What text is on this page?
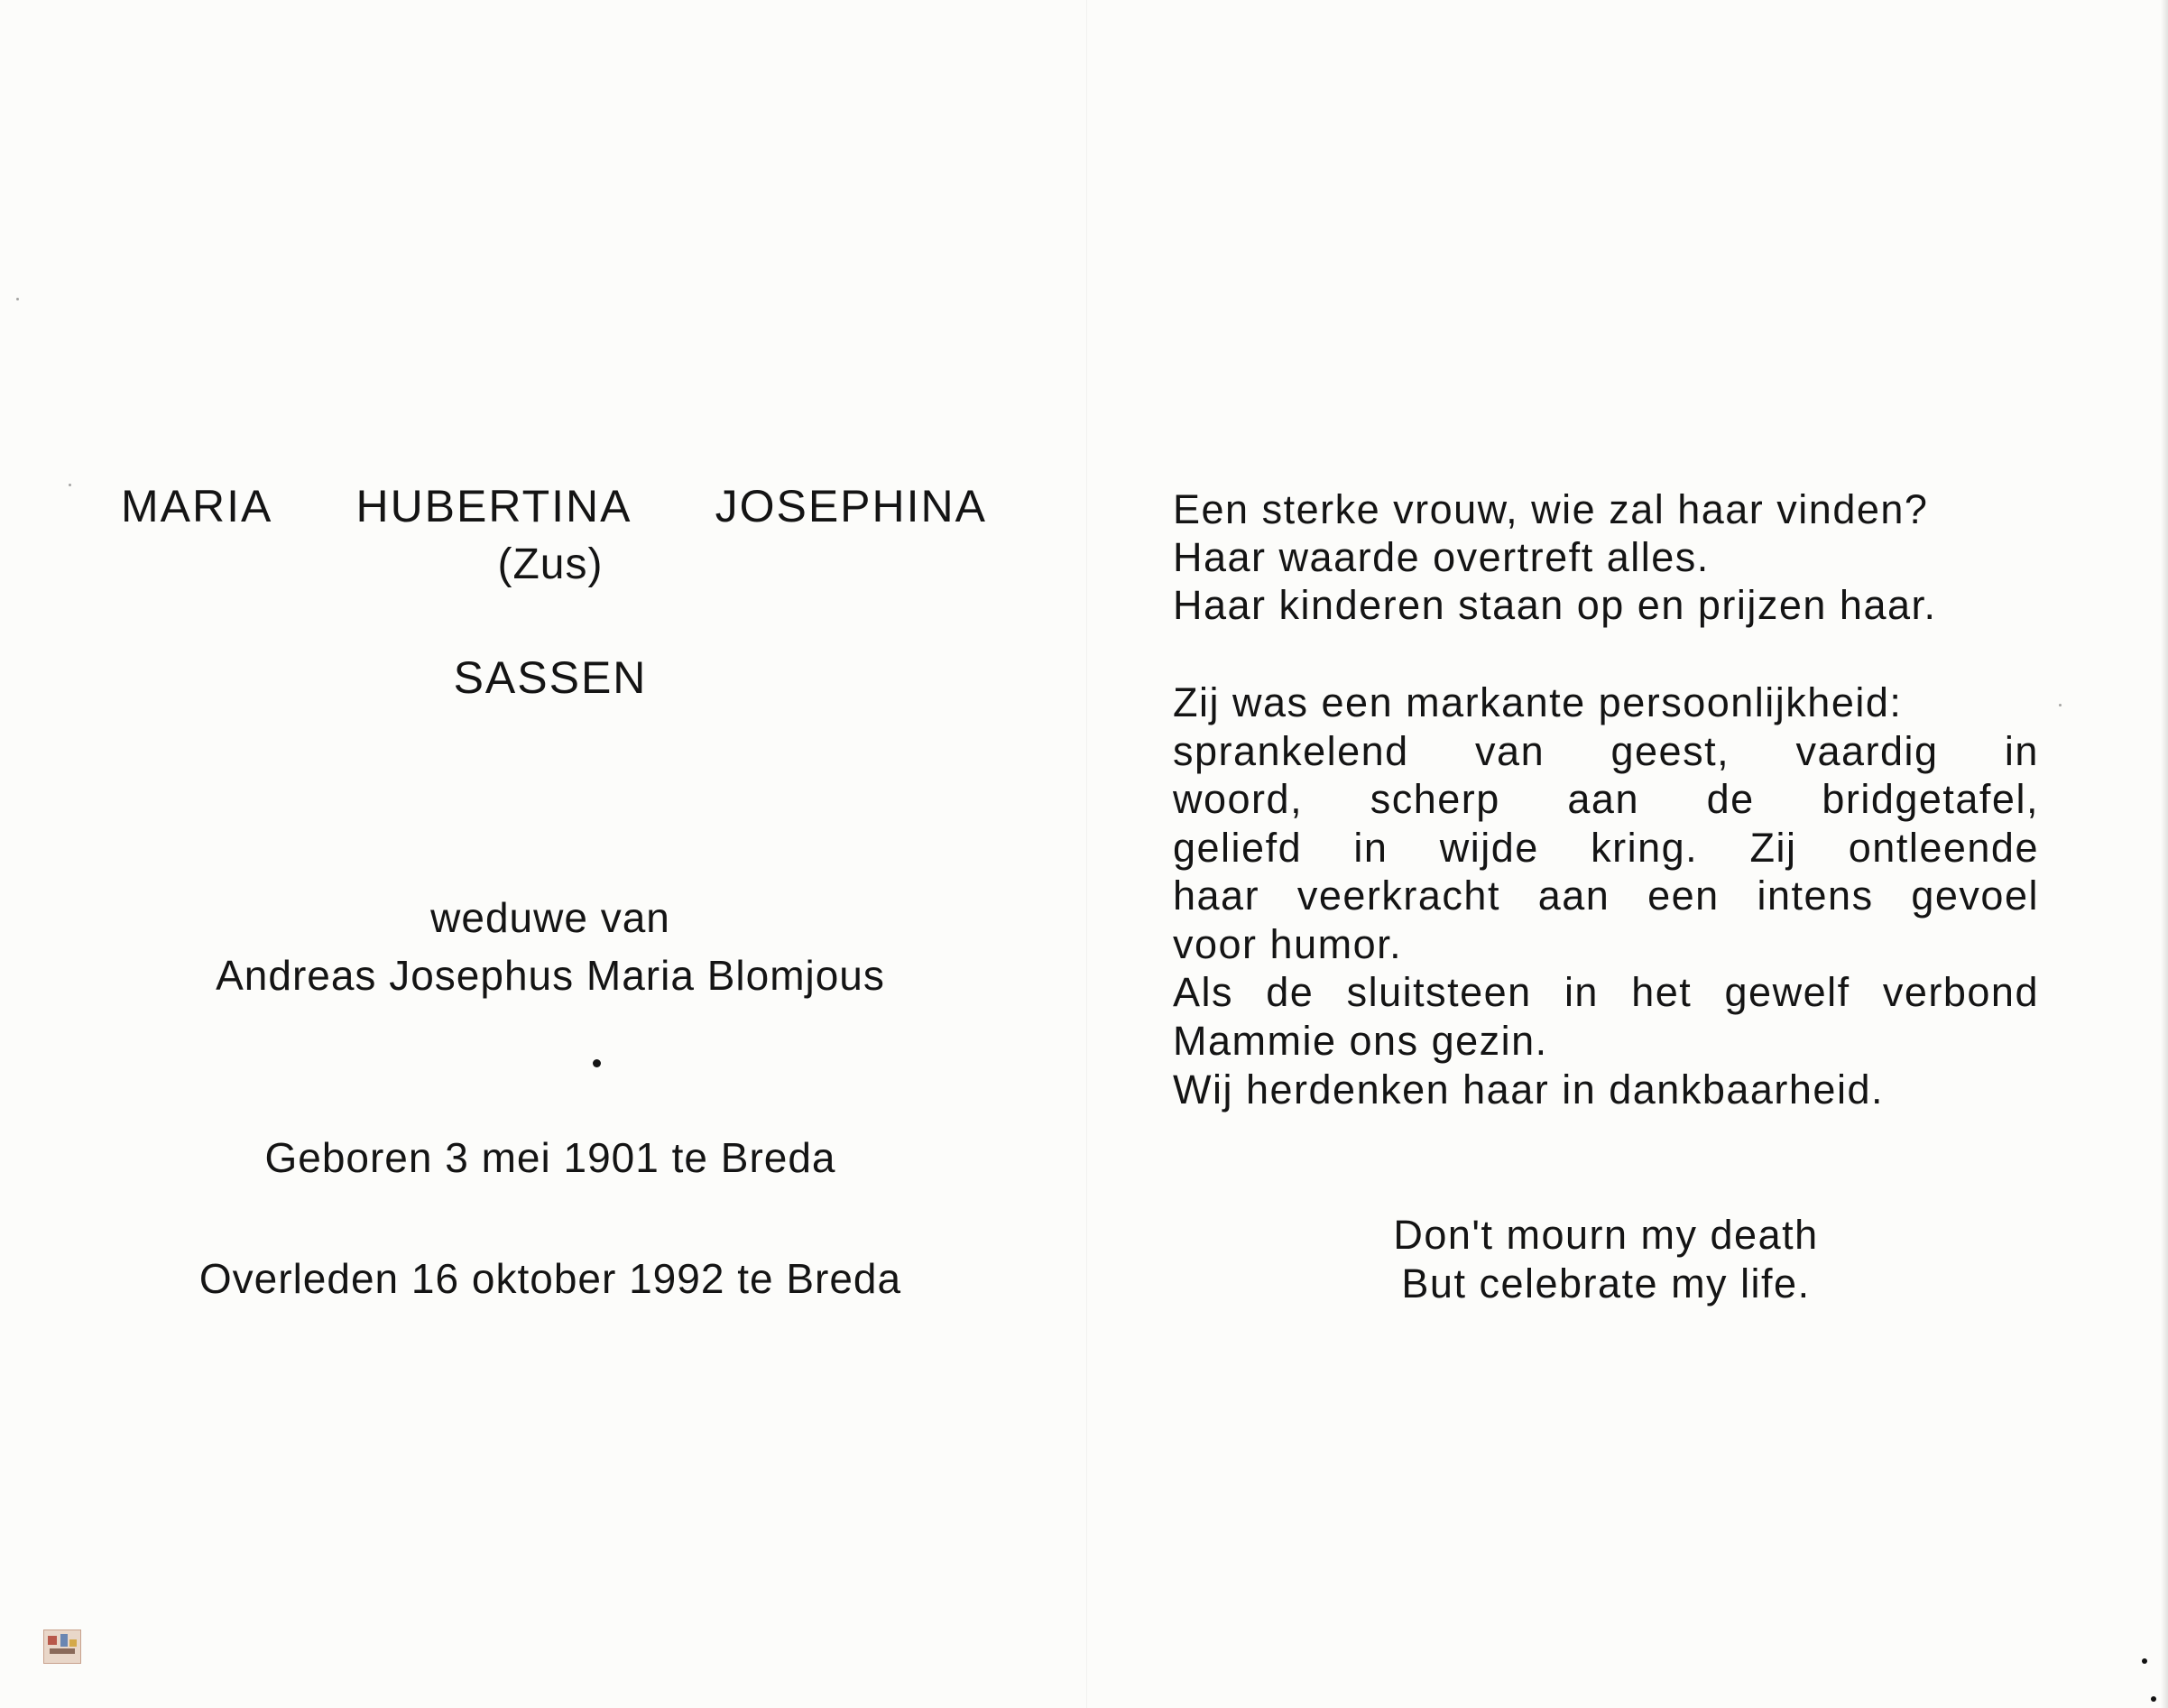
MARIA HUBERTINA JOSEPHINA
(Zus)
SASSEN
weduwe van
Andreas Josephus Maria Blomjous
Geboren 3 mei 1901 te Breda
Overleden 16 oktober 1992 te Breda
Een sterke vrouw, wie zal haar vinden?
Haar waarde overtreft alles.
Haar kinderen staan op en prijzen haar.
Zij was een markante persoonlijkheid:
sprankelend van geest, vaardig in
woord, scherp aan de bridgetafel,
geliefd in wijde kring. Zij ontleende
haar veerkracht aan een intens gevoel
voor humor.
Als de sluitsteen in het gewelf verbond
Mammie ons gezin.
Wij herdenken haar in dankbaarheid.
Don't mourn my death
But celebrate my life.
